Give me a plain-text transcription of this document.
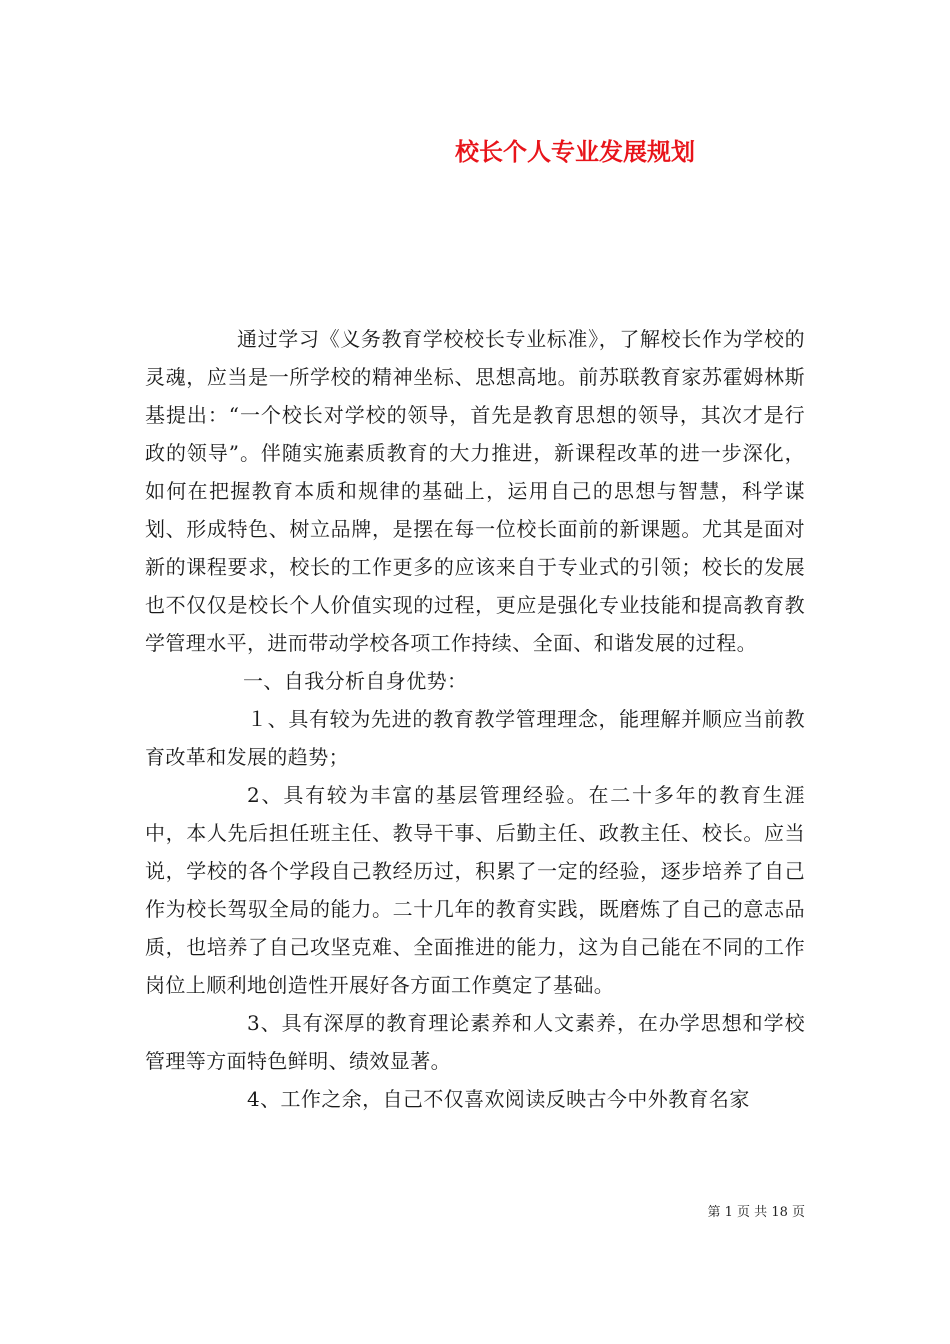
校长个人专业发展规划

通过学习《义务教育学校校长专业标准》，了解校长作为学校的灵魂，应当是一所学校的精神坐标、思想高地。前苏联教育家苏霍姆林斯基提出：“一个校长对学校的领导，首先是教育思想的领导，其次才是行政的领导”。伴随实施素质教育的大力推进，新课程改革的进一步深化，如何在把握教育本质和规律的基础上，运用自己的思想与智慧，科学谋划、形成特色、树立品牌，是摆在每一位校长面前的新课题。尤其是面对新的课程要求，校长的工作更多的应该来自于专业式的引领；校长的发展也不仅仅是校长个人价值实现的过程，更应是强化专业技能和提高教育教学管理水平，进而带动学校各项工作持续、全面、和谐发展的过程。

一、自我分析自身优势：

１、具有较为先进的教育教学管理理念，能理解并顺应当前教育改革和发展的趋势；

2、具有较为丰富的基层管理经验。在二十多年的教育生涯中，本人先后担任班主任、教导干事、后勤主任、政教主任、校长。应当说，学校的各个学段自己教经历过，积累了一定的经验，逐步培养了自己作为校长驾驭全局的能力。二十几年的教育实践，既磨炼了自己的意志品质，也培养了自己攻坚克难、全面推进的能力，这为自己能在不同的工作岗位上顺利地创造性开展好各方面工作奠定了基础。

3、具有深厚的教育理论素养和人文素养，在办学思想和学校管理等方面特色鲜明、绩效显著。

4、工作之余，自己不仅喜欢阅读反映古今中外教育名家

第 1 页 共 18 页
